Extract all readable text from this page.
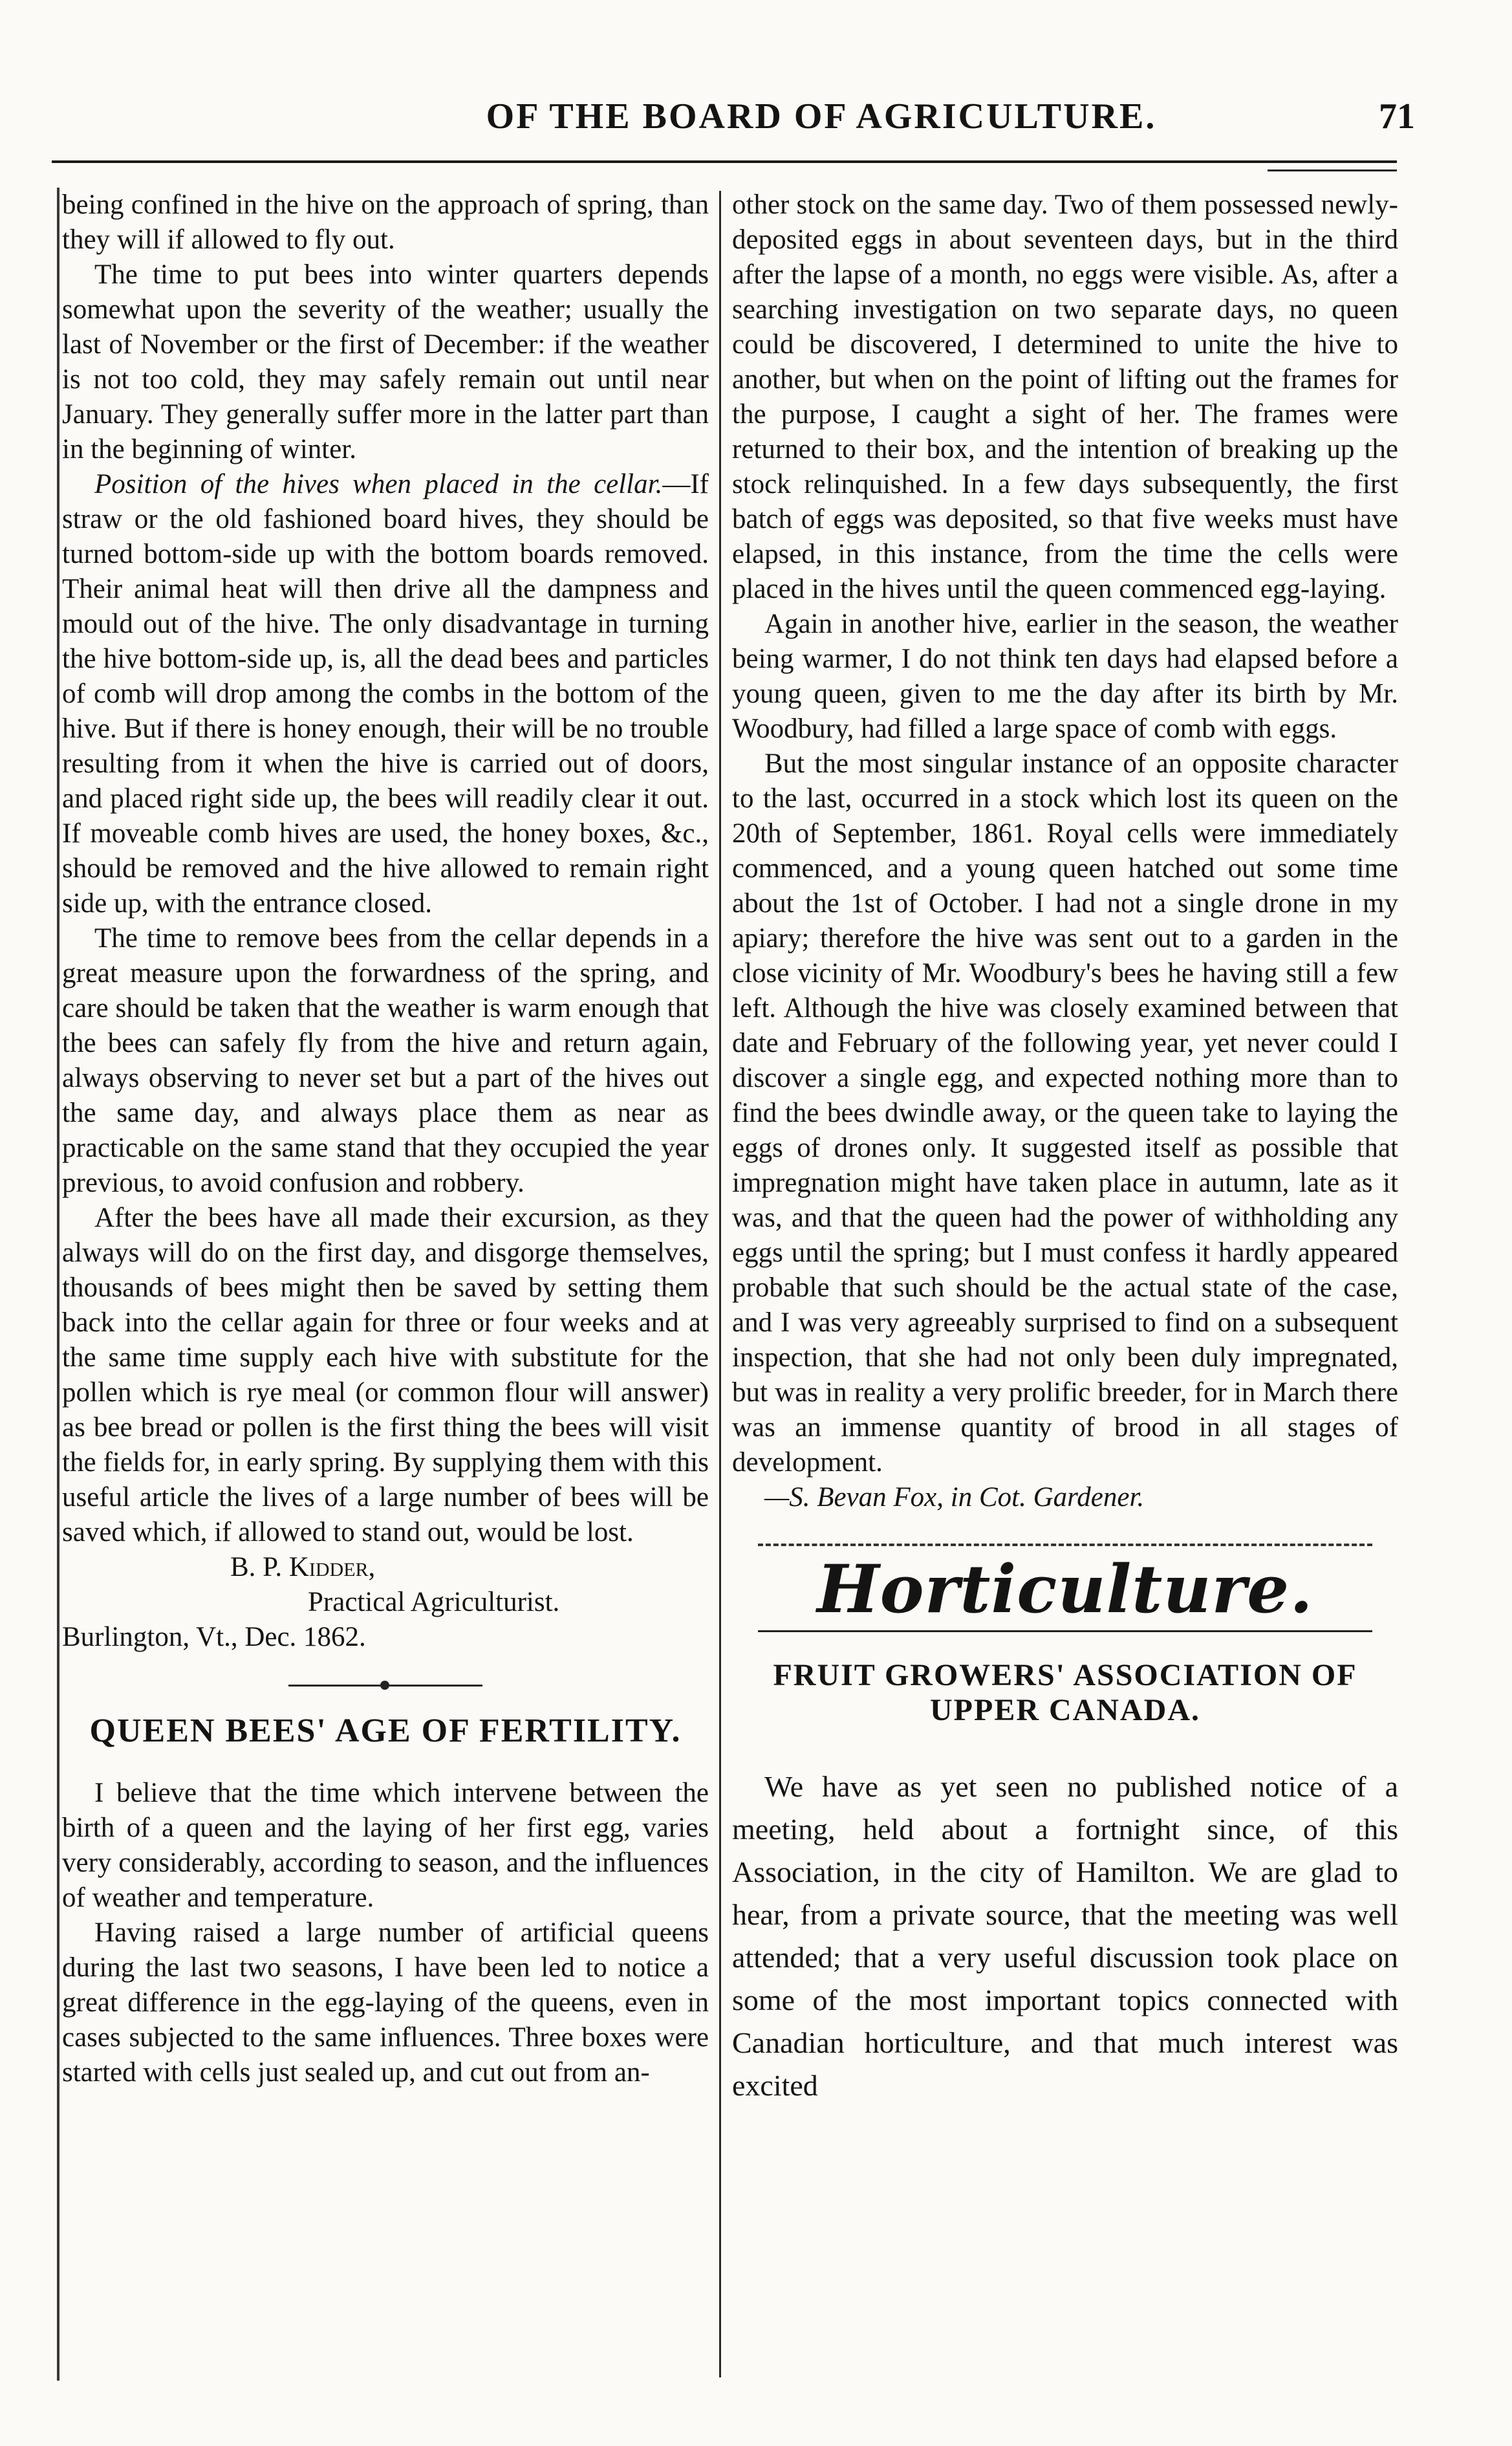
OF THE BOARD OF AGRICULTURE.	71

being confined in the hive on the approach of spring, than they will if allowed to fly out.

The time to put bees into winter quarters depends somewhat upon the severity of the weather; usually the last of November or the first of December: if the weather is not too cold, they may safely remain out until near January. They generally suffer more in the latter part than in the beginning of winter.

Position of the hives when placed in the cellar.—If straw or the old fashioned board hives, they should be turned bottom-side up with the bottom boards removed. Their animal heat will then drive all the dampness and mould out of the hive. The only disadvantage in turning the hive bottom-side up, is, all the dead bees and particles of comb will drop among the combs in the bottom of the hive. But if there is honey enough, their will be no trouble resulting from it when the hive is carried out of doors, and placed right side up, the bees will readily clear it out. If moveable comb hives are used, the honey boxes, &c., should be removed and the hive allowed to remain right side up, with the entrance closed.

The time to remove bees from the cellar depends in a great measure upon the forwardness of the spring, and care should be taken that the weather is warm enough that the bees can safely fly from the hive and return again, always observing to never set but a part of the hives out the same day, and always place them as near as practicable on the same stand that they occupied the year previous, to avoid confusion and robbery.

After the bees have all made their excursion, as they always will do on the first day, and disgorge themselves, thousands of bees might then be saved by setting them back into the cellar again for three or four weeks and at the same time supply each hive with substitute for the pollen which is rye meal (or common flour will answer) as bee bread or pollen is the first thing the bees will visit the fields for, in early spring. By supplying them with this useful article the lives of a large number of bees will be saved which, if allowed to stand out, would be lost.

B. P. Kidder,
Practical Agriculturist.
Burlington, Vt., Dec. 1862.
QUEEN BEES' AGE OF FERTILITY.

I believe that the time which intervene between the birth of a queen and the laying of her first egg, varies very considerably, according to season, and the influences of weather and temperature.

Having raised a large number of artificial queens during the last two seasons, I have been led to notice a great difference in the egg-laying of the queens, even in cases subjected to the same influences. Three boxes were started with cells just sealed up, and cut out from an-

other stock on the same day. Two of them possessed newly-deposited eggs in about seventeen days, but in the third after the lapse of a month, no eggs were visible. As, after a searching investigation on two separate days, no queen could be discovered, I determined to unite the hive to another, but when on the point of lifting out the frames for the purpose, I caught a sight of her. The frames were returned to their box, and the intention of breaking up the stock relinquished. In a few days subsequently, the first batch of eggs was deposited, so that five weeks must have elapsed, in this instance, from the time the cells were placed in the hives until the queen commenced egg-laying.

Again in another hive, earlier in the season, the weather being warmer, I do not think ten days had elapsed before a young queen, given to me the day after its birth by Mr. Woodbury, had filled a large space of comb with eggs.

But the most singular instance of an opposite character to the last, occurred in a stock which lost its queen on the 20th of September, 1861. Royal cells were immediately commenced, and a young queen hatched out some time about the 1st of October. I had not a single drone in my apiary; therefore the hive was sent out to a garden in the close vicinity of Mr. Woodbury's bees he having still a few left. Although the hive was closely examined between that date and February of the following year, yet never could I discover a single egg, and expected nothing more than to find the bees dwindle away, or the queen take to laying the eggs of drones only. It suggested itself as possible that impregnation might have taken place in autumn, late as it was, and that the queen had the power of withholding any eggs until the spring; but I must confess it hardly appeared probable that such should be the actual state of the case, and I was very agreeably surprised to find on a subsequent inspection, that she had not only been duly impregnated, but was in reality a very prolific breeder, for in March there was an immense quantity of brood in all stages of development.

—S. Bevan Fox, in Cot. Gardener.

Horticulture.
FRUIT GROWERS' ASSOCIATION OF UPPER CANADA.

We have as yet seen no published notice of a meeting, held about a fortnight since, of this Association, in the city of Hamilton. We are glad to hear, from a private source, that the meeting was well attended; that a very useful discussion took place on some of the most important topics connected with Canadian horticulture, and that much interest was excited
